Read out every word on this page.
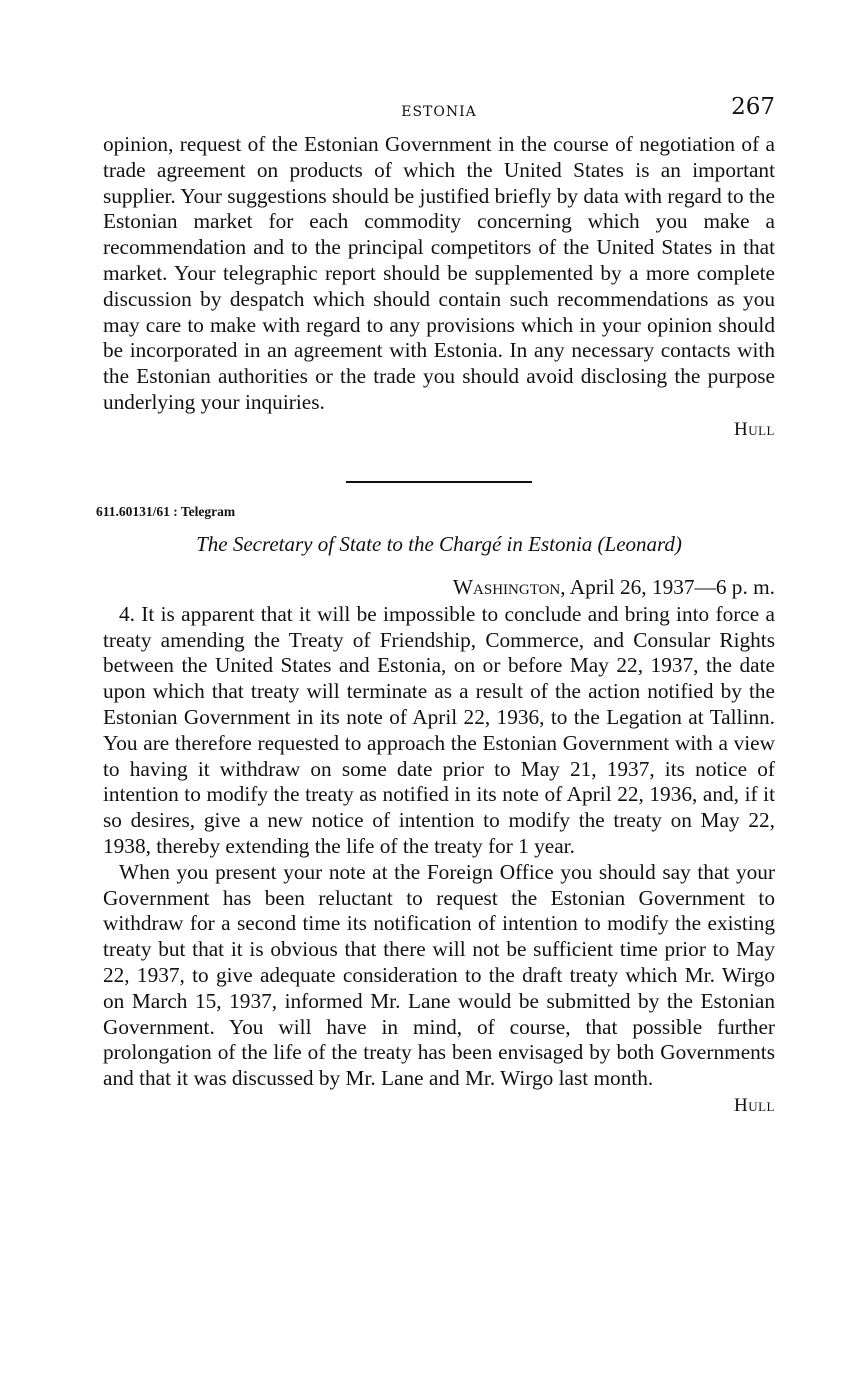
ESTONIA	267

opinion, request of the Estonian Government in the course of negotiation of a trade agreement on products of which the United States is an important supplier. Your suggestions should be justified briefly by data with regard to the Estonian market for each commodity concerning which you make a recommendation and to the principal competitors of the United States in that market. Your telegraphic report should be supplemented by a more complete discussion by despatch which should contain such recommendations as you may care to make with regard to any provisions which in your opinion should be incorporated in an agreement with Estonia. In any necessary contacts with the Estonian authorities or the trade you should avoid disclosing the purpose underlying your inquiries.

Hull
611.60131/61 : Telegram
The Secretary of State to the Chargé in Estonia (Leonard)
Washington, April 26, 1937—6 p. m.

4. It is apparent that it will be impossible to conclude and bring into force a treaty amending the Treaty of Friendship, Commerce, and Consular Rights between the United States and Estonia, on or before May 22, 1937, the date upon which that treaty will terminate as a result of the action notified by the Estonian Government in its note of April 22, 1936, to the Legation at Tallinn. You are therefore requested to approach the Estonian Government with a view to having it withdraw on some date prior to May 21, 1937, its notice of intention to modify the treaty as notified in its note of April 22, 1936, and, if it so desires, give a new notice of intention to modify the treaty on May 22, 1938, thereby extending the life of the treaty for 1 year.

When you present your note at the Foreign Office you should say that your Government has been reluctant to request the Estonian Government to withdraw for a second time its notification of intention to modify the existing treaty but that it is obvious that there will not be sufficient time prior to May 22, 1937, to give adequate consideration to the draft treaty which Mr. Wirgo on March 15, 1937, informed Mr. Lane would be submitted by the Estonian Government. You will have in mind, of course, that possible further prolongation of the life of the treaty has been envisaged by both Governments and that it was discussed by Mr. Lane and Mr. Wirgo last month.

Hull
